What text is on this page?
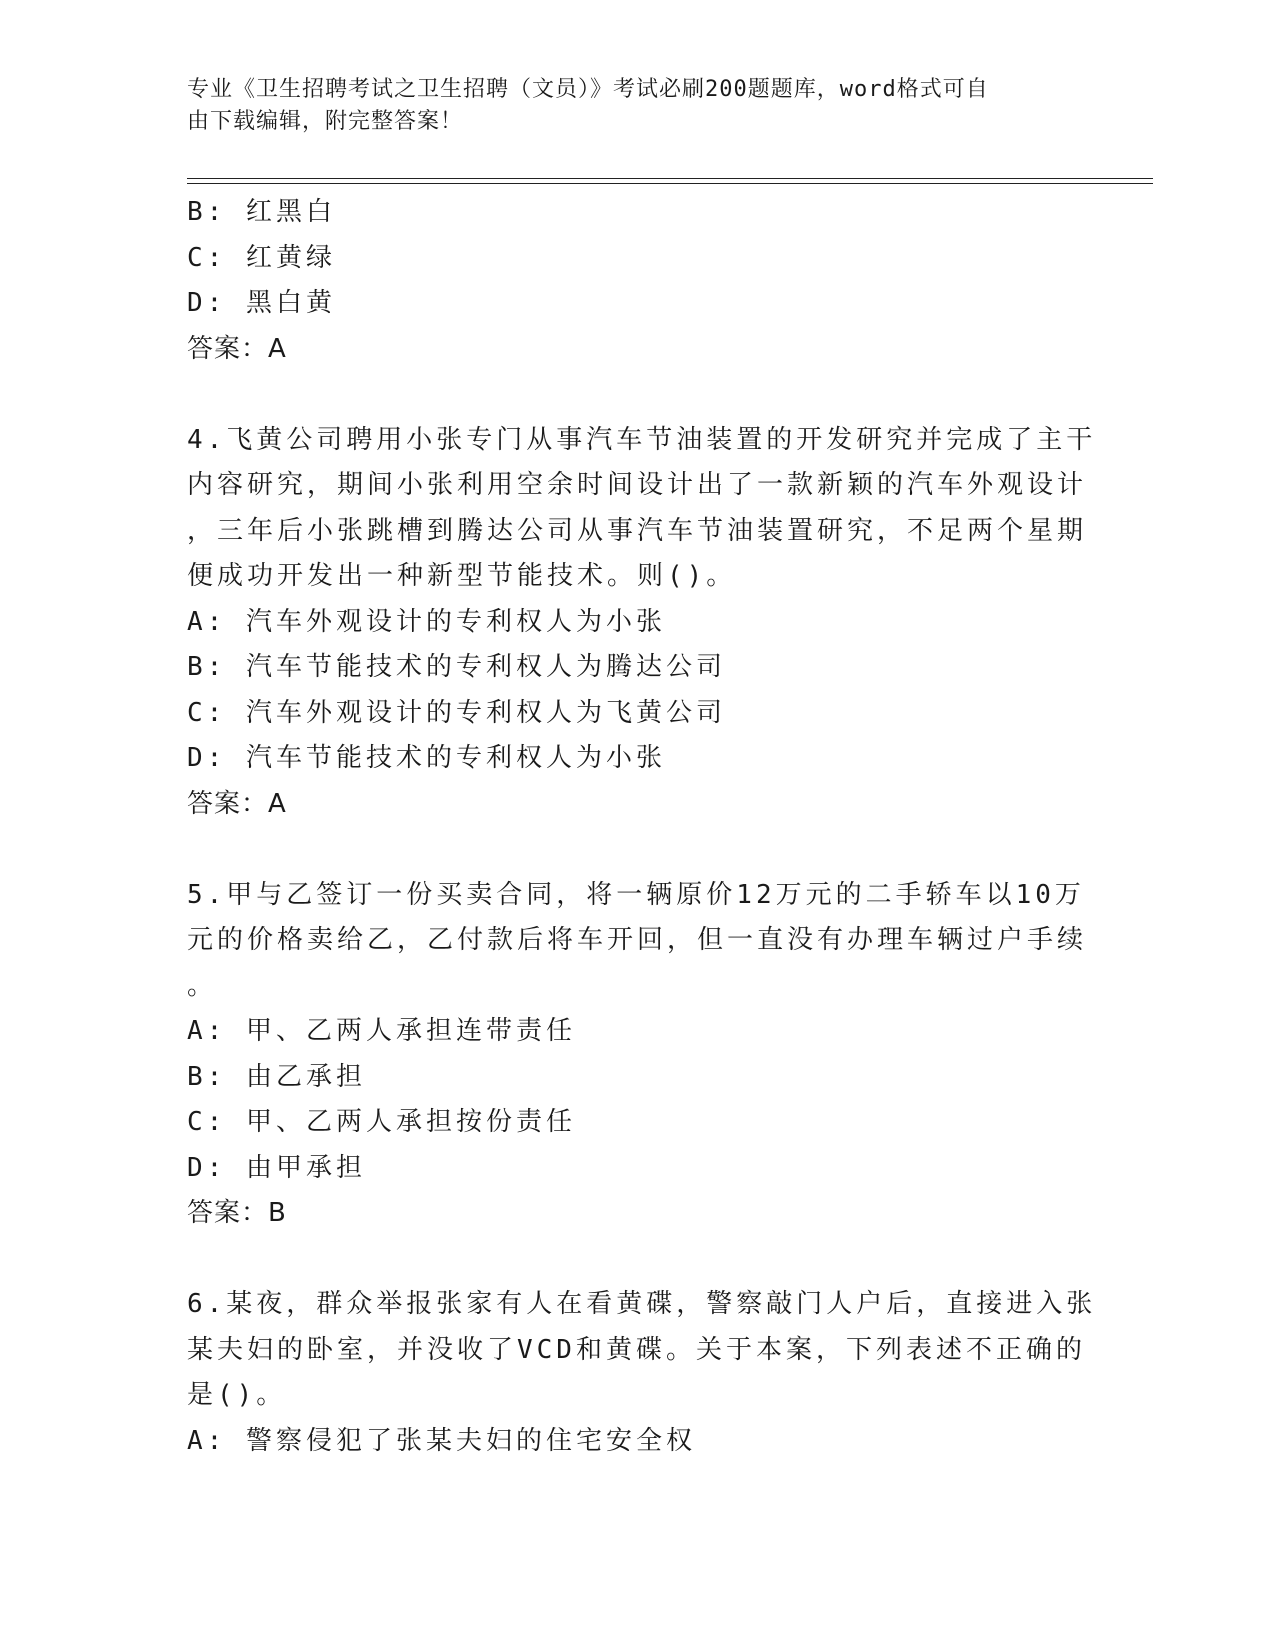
专业《卫生招聘考试之卫生招聘（文员）》考试必刷200题题库，word格式可自
由下载编辑，附完整答案！

B: 红黑白

C: 红黄绿

D: 黑白黄

答案：A

4.飞黄公司聘用小张专门从事汽车节油装置的开发研究并完成了主干

内容研究，期间小张利用空余时间设计出了一款新颖的汽车外观设计

，三年后小张跳槽到腾达公司从事汽车节油装置研究，不足两个星期

便成功开发出一种新型节能技术。则()。

A: 汽车外观设计的专利权人为小张

B: 汽车节能技术的专利权人为腾达公司

C: 汽车外观设计的专利权人为飞黄公司

D: 汽车节能技术的专利权人为小张

答案：A

5.甲与乙签订一份买卖合同，将一辆原价12万元的二手轿车以10万

元的价格卖给乙，乙付款后将车开回，但一直没有办理车辆过户手续

。

A: 甲、乙两人承担连带责任

B: 由乙承担

C: 甲、乙两人承担按份责任

D: 由甲承担

答案：B

6.某夜，群众举报张家有人在看黄碟，警察敲门人户后，直接进入张

某夫妇的卧室，并没收了VCD和黄碟。关于本案，下列表述不正确的

是()。

A: 警察侵犯了张某夫妇的住宅安全权
